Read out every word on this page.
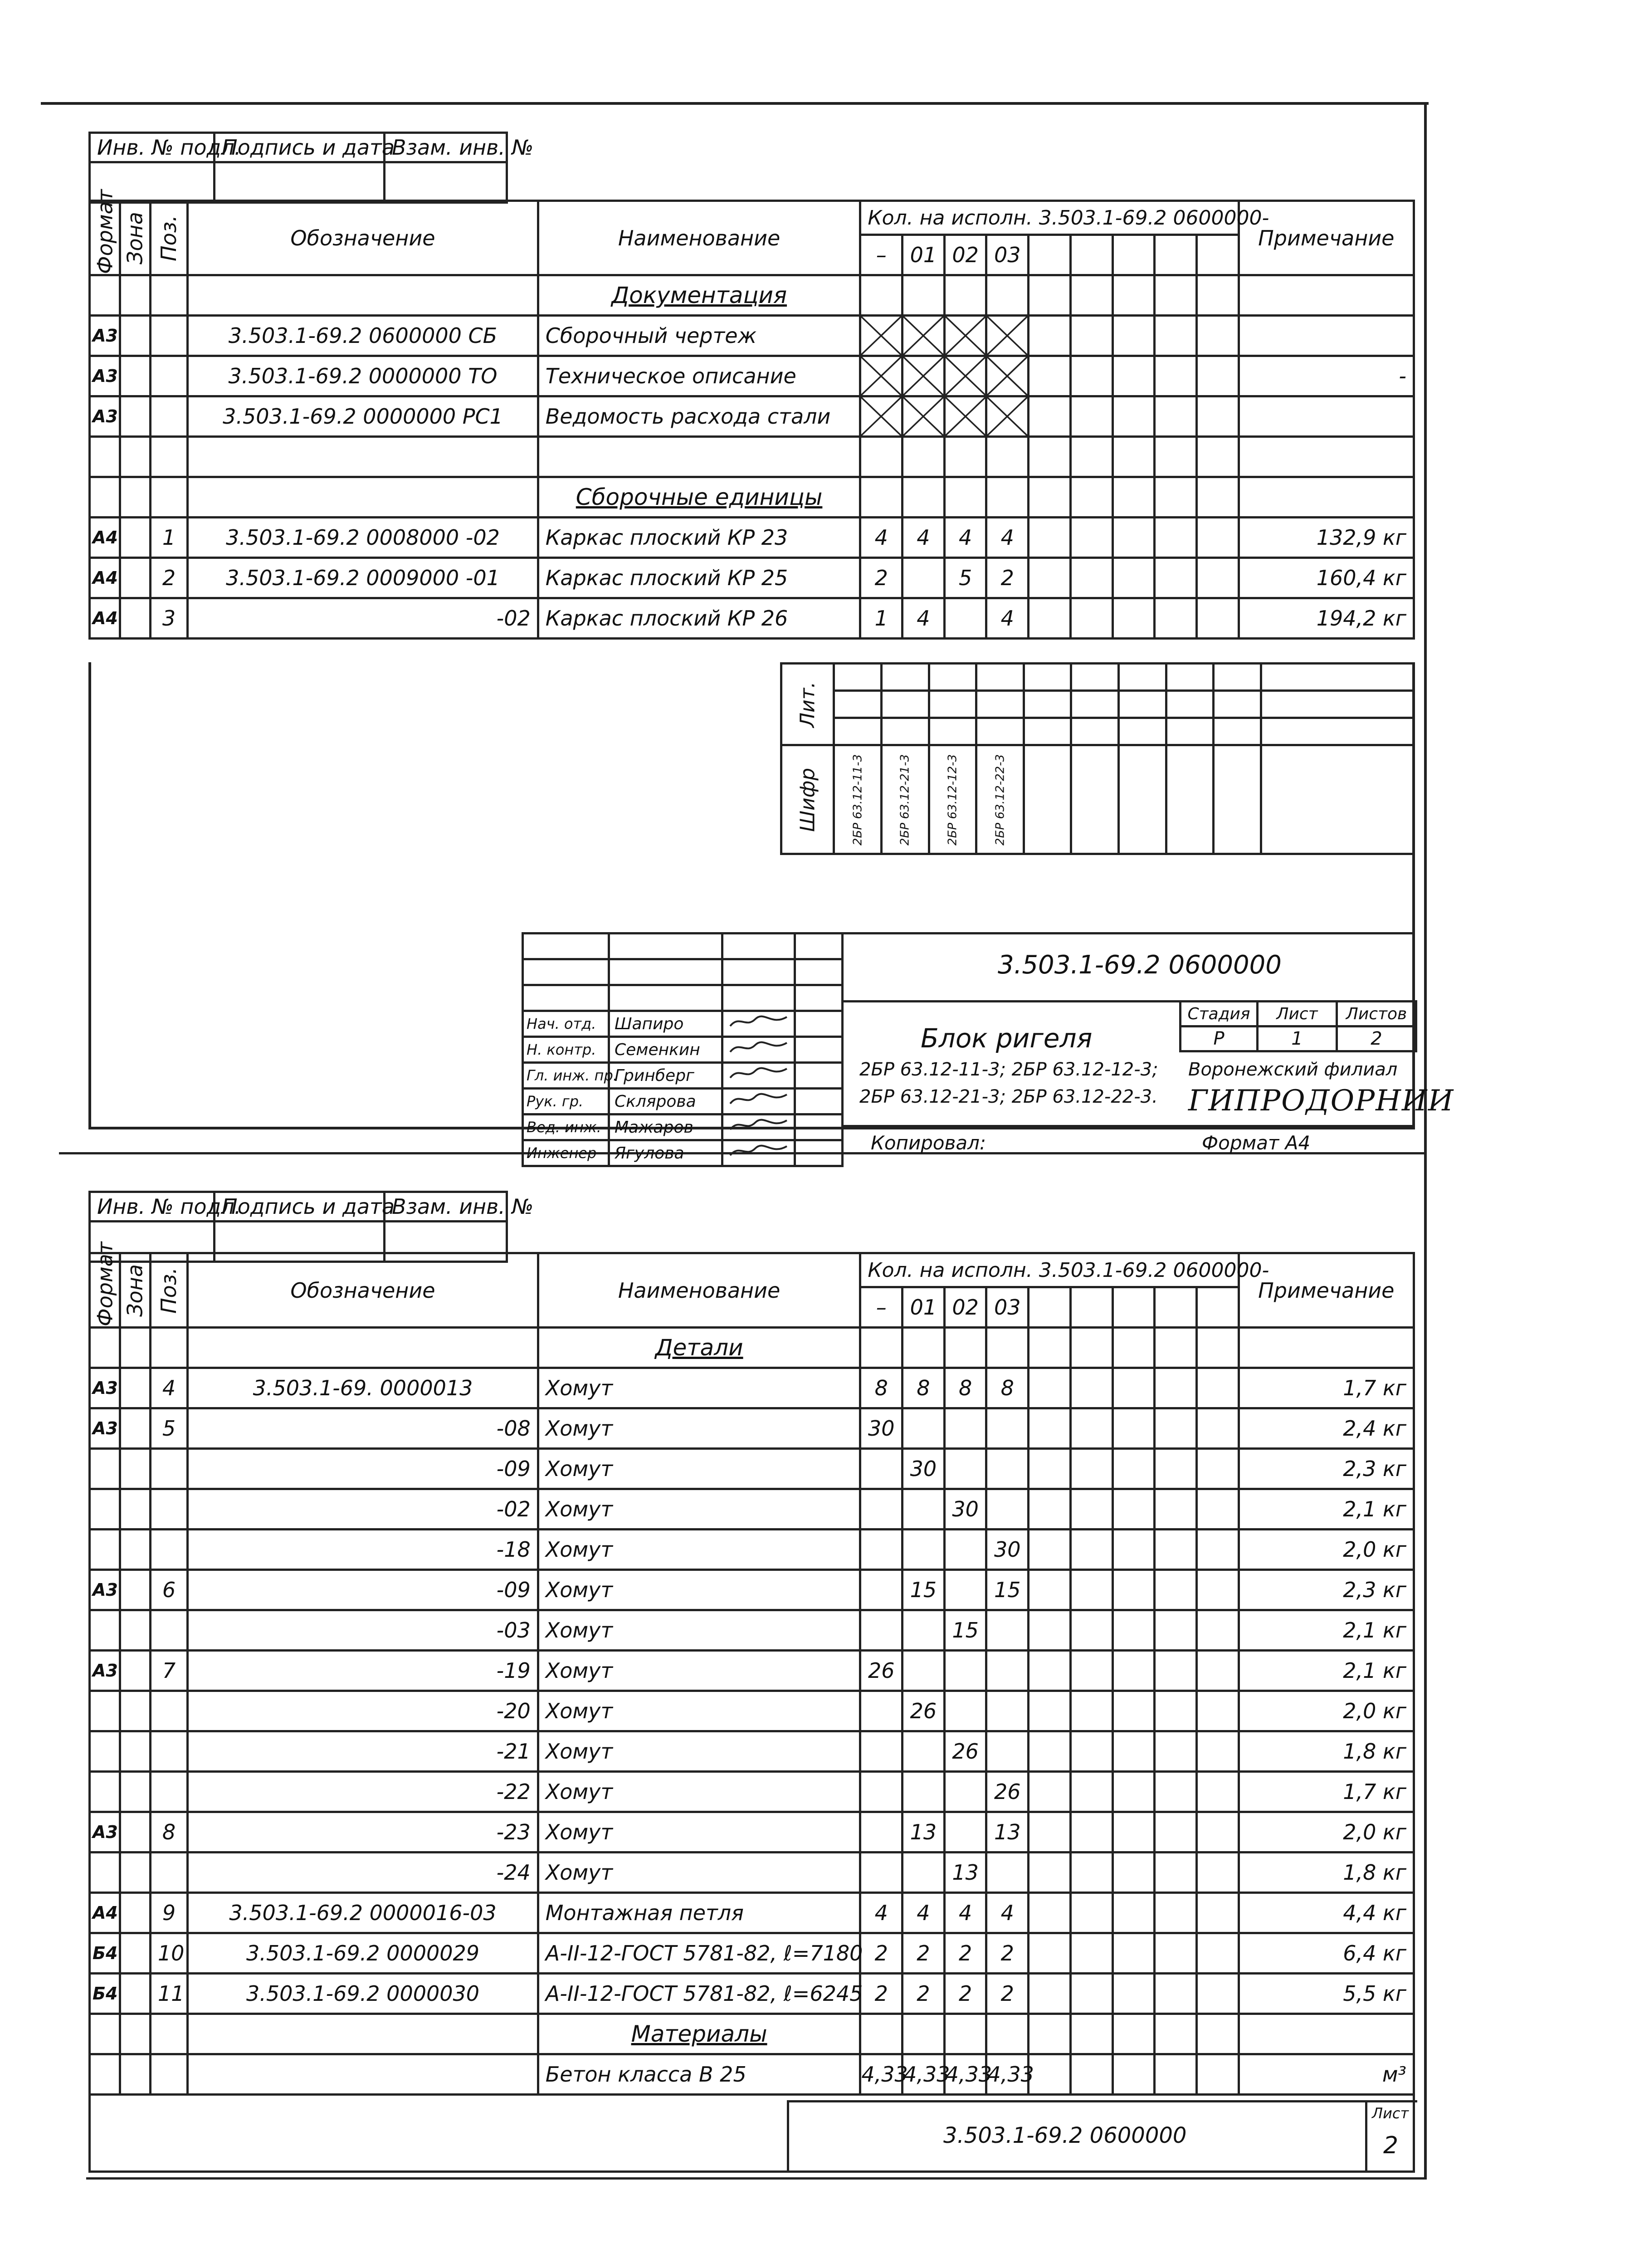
Инв. № подл.	Подпись и дата	Взам. инв. №

Формат	Зона	Поз.	Обозначение	Наименование	Кол. на исполн. 3.503.1-69.2 0600000-									Примечание
					–	01	02	03						
				Документация										
А3			3.503.1-69.2 0600000 СБ	Сборочный чертеж	

А3			3.503.1-69.2 0000000 ТО	Техническое описание										-
А3			3.503.1-69.2 0000000 РС1	Ведомость расхода стали	

				Сборочные единицы										
А4		1	3.503.1-69.2 0008000 -02	Каркас плоский КР 23	4	4	4	4						132,9 кг
А4		2	3.503.1-69.2 0009000 -01	Каркас плоский КР 25	2		5	2						160,4 кг
А4		3	-02	Каркас плоский КР 26	1	4		4						194,2 кг
Лит.										

Шифр	2БР 63.12-11-3	2БР 63.12-21-3	2БР 63.12-12-3	2БР 63.12-22-3						

Нач. отд.	Шапиро		
Н. контр.	Семенкин		
Гл. инж. пр.	Гринберг		
Рук. гр.	Склярова		
Вед. инж.	Мажаров		
Инженер	Ягулова		
3.503.1-69.2 0600000
Блок ригеля
2БР 63.12-11-3; 2БР 63.12-12-3;
2БР 63.12-21-3; 2БР 63.12-22-3.
Стадия	Лист	Листов
Р	1	2
Воронежский филиал
ГИПРОДОРНИИ
Копировал:	Формат А4
Инв. № подл.	Подпись и дата	Взам. инв. №

Формат	Зона	Поз.	Обозначение	Наименование	Кол. на исполн. 3.503.1-69.2 0600000-									Примечание
					–	01	02	03						
				Детали										
А3		4	3.503.1-69. 0000013	Хомут	8	8	8	8						1,7 кг
А3		5	-08	Хомут	30									2,4 кг
			-09	Хомут		30								2,3 кг
			-02	Хомут			30							2,1 кг
			-18	Хомут				30						2,0 кг
А3		6	-09	Хомут		15		15						2,3 кг
			-03	Хомут			15							2,1 кг
А3		7	-19	Хомут	26									2,1 кг
			-20	Хомут		26								2,0 кг
			-21	Хомут			26							1,8 кг
			-22	Хомут				26						1,7 кг
А3		8	-23	Хомут		13		13						2,0 кг
			-24	Хомут			13							1,8 кг
А4		9	3.503.1-69.2 0000016-03	Монтажная петля	4	4	4	4						4,4 кг
Б4		10	3.503.1-69.2 0000029	А-II-12-ГОСТ 5781-82, ℓ=7180	2	2	2	2						6,4 кг
Б4		11	3.503.1-69.2 0000030	А-II-12-ГОСТ 5781-82, ℓ=6245	2	2	2	2						5,5 кг
				Материалы										
				Бетон класса В 25	4,33	4,33	4,33	4,33						м³
3.503.1-69.2 0600000
Лист
2
